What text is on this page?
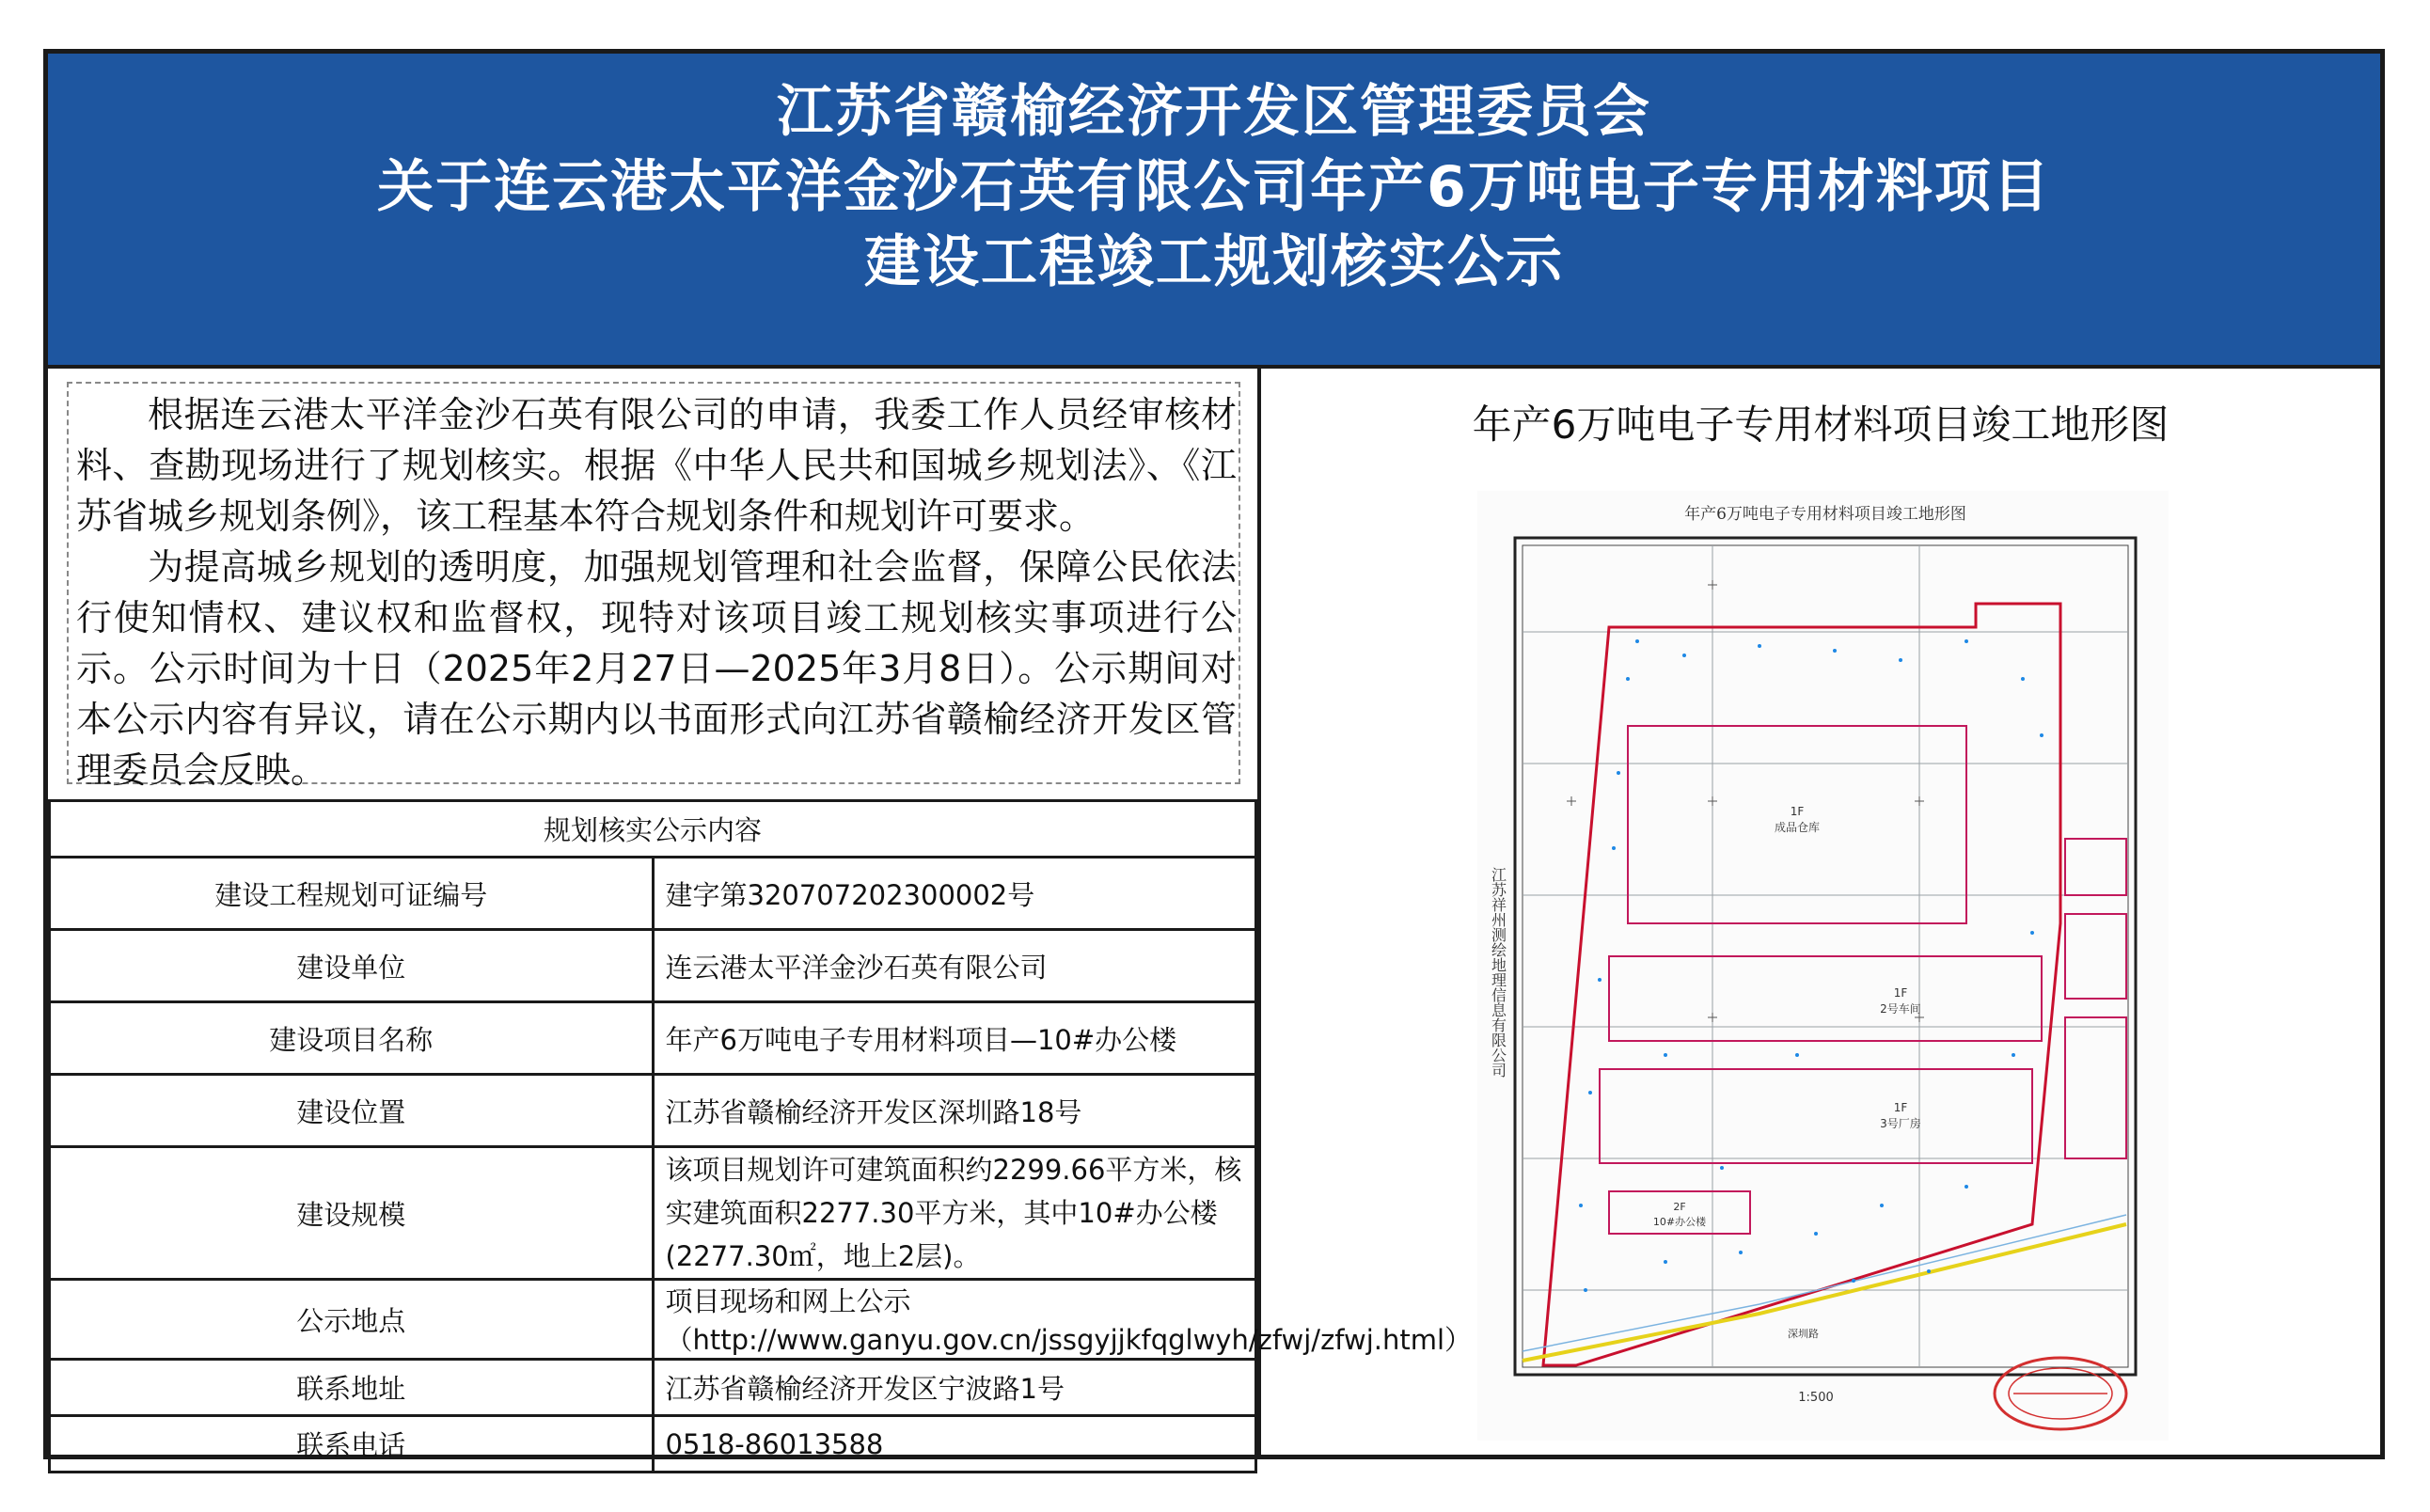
江苏省赣榆经济开发区管理委员会
关于连云港太平洋金沙石英有限公司年产6万吨电子专用材料项目
建设工程竣工规划核实公示

根据连云港太平洋金沙石英有限公司的申请，我委工作人员经审核材料、查勘现场进行了规划核实。根据《中华人民共和国城乡规划法》、《江苏省城乡规划条例》，该工程基本符合规划条件和规划许可要求。

为提高城乡规划的透明度，加强规划管理和社会监督，保障公民依法行使知情权、建议权和监督权，现特对该项目竣工规划核实事项进行公示。公示时间为十日（2025年2月27日—2025年3月8日）。公示期间对本公示内容有异议，请在公示期内以书面形式向江苏省赣榆经济开发区管理委员会反映。

规划核实公示内容	
建设工程规划可证编号	建字第320707202300002号
建设单位	连云港太平洋金沙石英有限公司
建设项目名称	年产6万吨电子专用材料项目—10#办公楼
建设位置	江苏省赣榆经济开发区深圳路18号
建设规模	该项目规划许可建筑面积约2299.66平方米，核实建筑面积2277.30平方米，其中10#办公楼(2277.30㎡，地上2层)。
公示地点	项目现场和网上公示（http://www.ganyu.gov.cn/jssgyjjkfqglwyh/zfwj/zfwj.html）
联系地址	江苏省赣榆经济开发区宁波路1号
联系电话	0518-86013588
年产6万吨电子专用材料项目竣工地形图
年产6万吨电子专用材料项目竣工地形图
1F
成品仓库
1F
2号车间
1F
3号厂房
2F
10#办公楼
深圳路
江苏祥州测绘地理信息有限公司
1:500
